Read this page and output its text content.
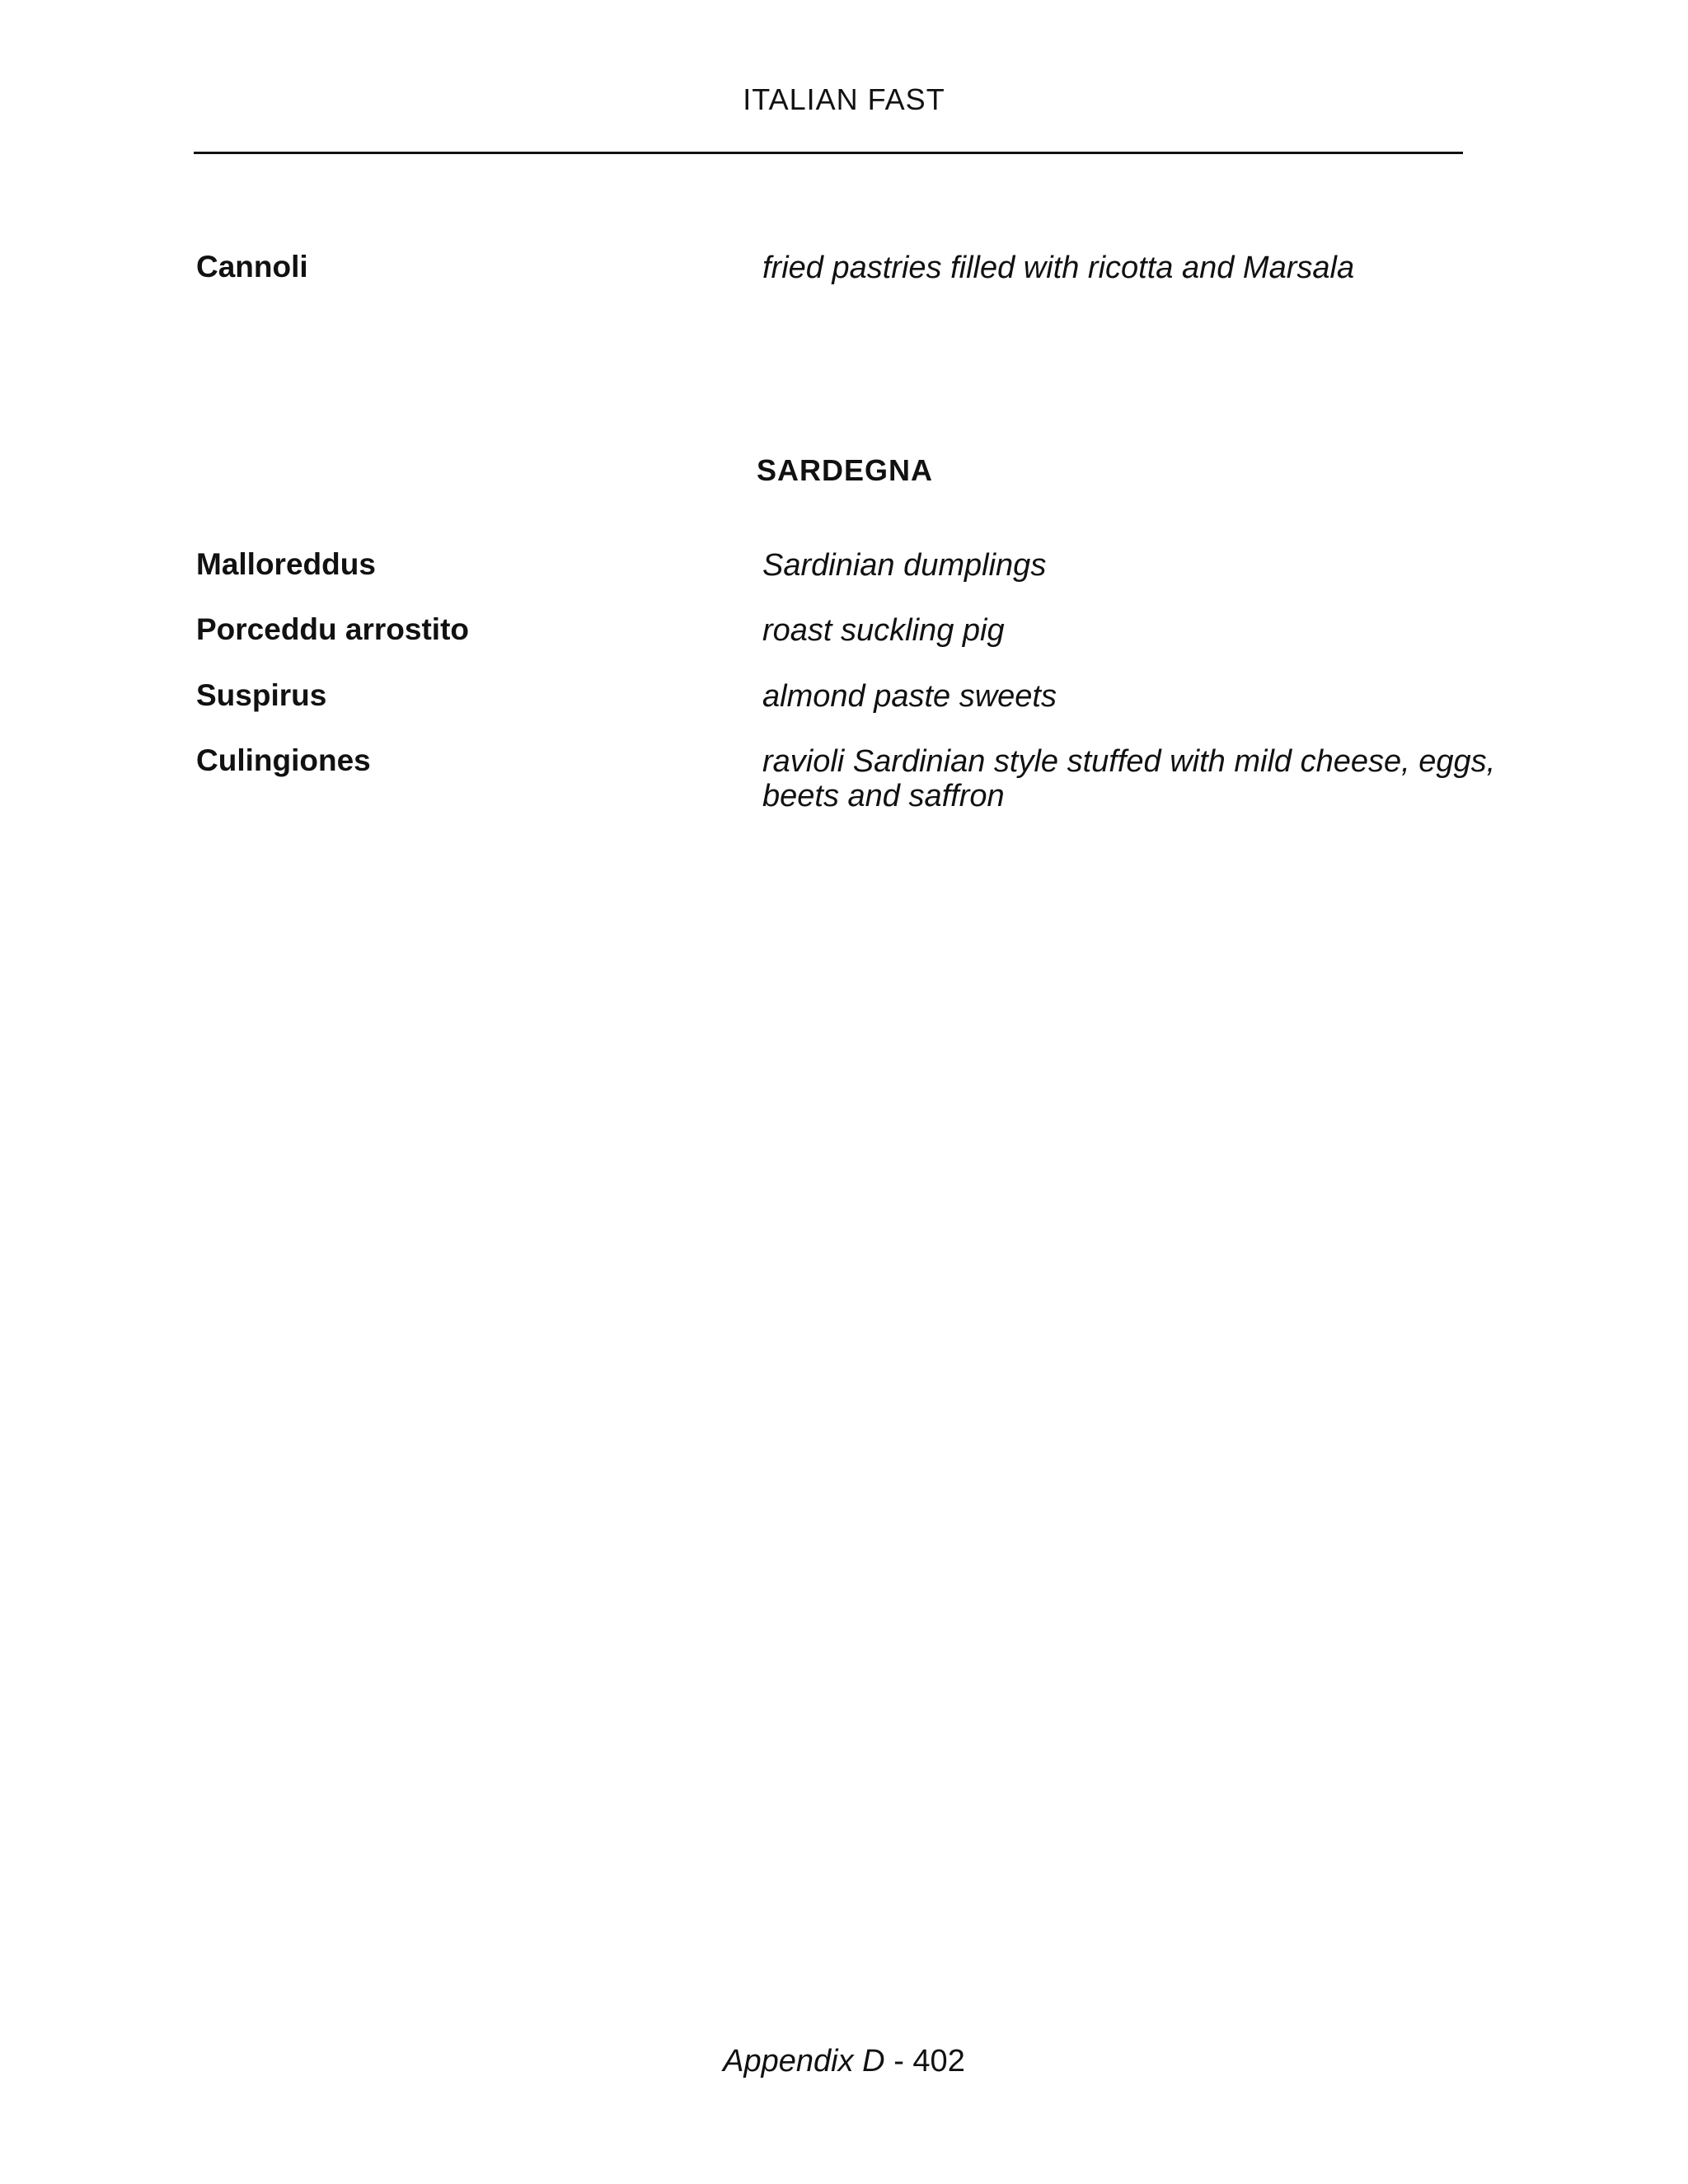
ITALIAN FAST
Cannoli	fried pastries filled with ricotta and Marsala
SARDEGNA
Malloreddus	Sardinian dumplings
Porceddu arrostito	roast suckling pig
Suspirus	almond paste sweets
Culingiones	ravioli Sardinian style stuffed with mild cheese, eggs, beets and saffron
Appendix D - 402
